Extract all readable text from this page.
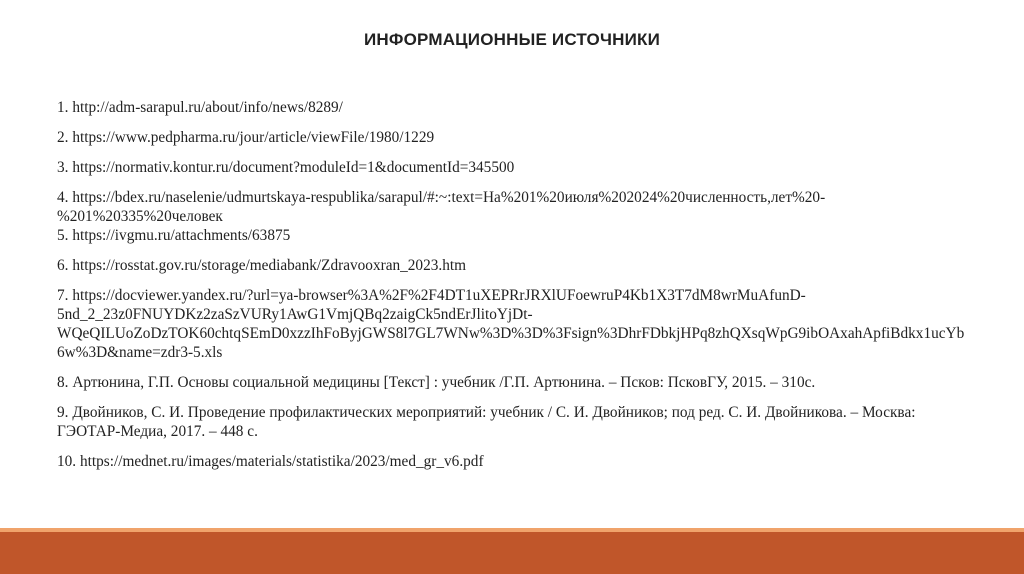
ИНФОРМАЦИОННЫЕ ИСТОЧНИКИ

1. http://adm-sarapul.ru/about/info/news/8289/

2. https://www.pedpharma.ru/jour/article/viewFile/1980/1229

3. https://normativ.kontur.ru/document?moduleId=1&documentId=345500

4. https://bdex.ru/naselenie/udmurtskaya-respublika/sarapul/#:~:text=На%201%20июля%202024%20численность,лет%20-%201%20335%20человек

5. https://ivgmu.ru/attachments/63875

6. https://rosstat.gov.ru/storage/mediabank/Zdravooxran_2023.htm

7. https://docviewer.yandex.ru/?url=ya-browser%3A%2F%2F4DT1uXEPRrJRXlUFoewruP4Kb1X3T7dM8wrMuAfunD-5nd_2_23z0FNUYDKz2zaSzVURy1AwG1VmjQBq2zaigCk5ndErJlitoYjDt-WQeQILUoZoDzTOK60chtqSEmD0xzzIhFoByjGWS8l7GL7WNw%3D%3D%3Fsign%3DhrFDbkjHPq8zhQXsqWpG9ibOAxahApfiBdkx1ucYb6w%3D&name=zdr3-5.xls

8. Артюнина, Г.П. Основы социальной медицины [Текст] : учебник /Г.П. Артюнина. – Псков: ПсковГУ, 2015. – 310с.

9. Двойников, С. И. Проведение профилактических мероприятий: учебник / С. И. Двойников; под ред. С. И. Двойникова. – Москва: ГЭОТАР-Медиа, 2017. – 448 с.

10. https://mednet.ru/images/materials/statistika/2023/med_gr_v6.pdf
